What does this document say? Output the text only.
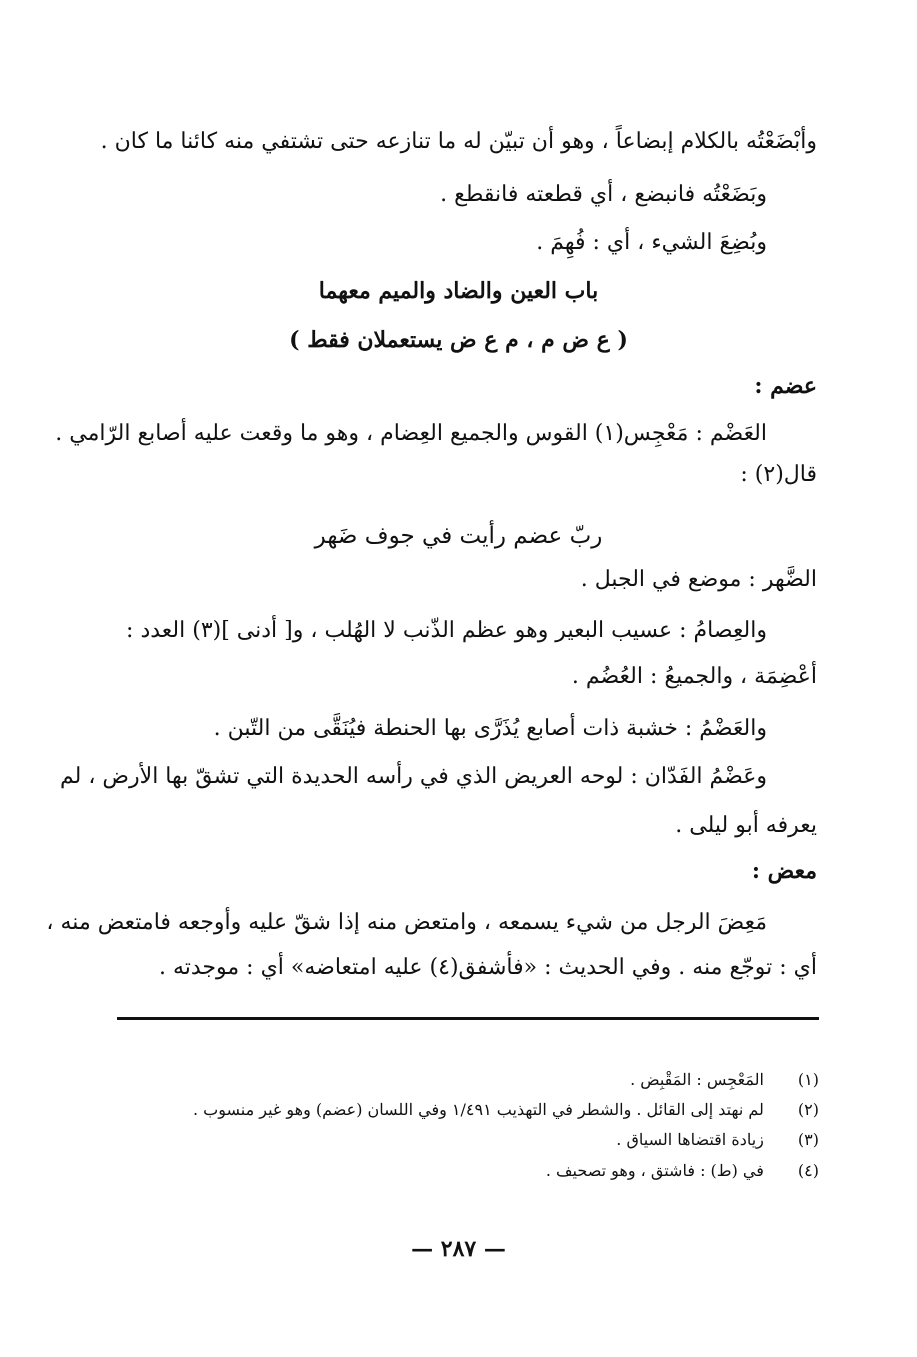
وأبْضَعْتُه بالكلام إبضاعاً ، وهو أن تبيّن له ما تنازعه حتى تشتفي منه كائنا ما كان .
وبَضَعْتُه فانبضع ، أي قطعته فانقطع .
وبُضِعَ الشيء ، أي : فُهِمَ .
باب العين والضاد والميم معهما
( ع ض م ، م ع ض يستعملان فقط )
عضم :
العَضْم : مَعْجِس(١) القوس والجميع العِضام ، وهو ما وقعت عليه أصابع الرّامي .
قال(٢) :
ربّ عضم رأيت في جوف ضَهر
الضَّهر : موضع في الجبل .
والعِصامُ : عسيب البعير وهو عظم الذّنب لا الهُلب ، و[ أدنى ](٣) العدد :
أعْضِمَة ، والجميعُ : العُضُم .
والعَضْمُ : خشبة ذات أصابع يُذَرَّى بها الحنطة فيُنَقَّى من التّبن .
وعَضْمُ الفَدّان : لوحه العريض الذي في رأسه الحديدة التي تشقّ بها الأرض ، لم
يعرفه أبو ليلى .
معض :
مَعِضَ الرجل من شيء يسمعه ، وامتعض منه إذا شقّ عليه وأوجعه فامتعض منه ،
أي : توجّع منه . وفي الحديث : «فأشفق(٤) عليه امتعاضه» أي : موجدته .
(١) المَعْجِس : المَقْبِض .
(٢) لم نهتد إلى القائل . والشطر في التهذيب ١/٤٩١ وفي اللسان (عضم) وهو غير منسوب .
(٣) زيادة اقتضاها السياق .
(٤) في (ط) : فاشتق ، وهو تصحيف .
— ٢٨٧ —
